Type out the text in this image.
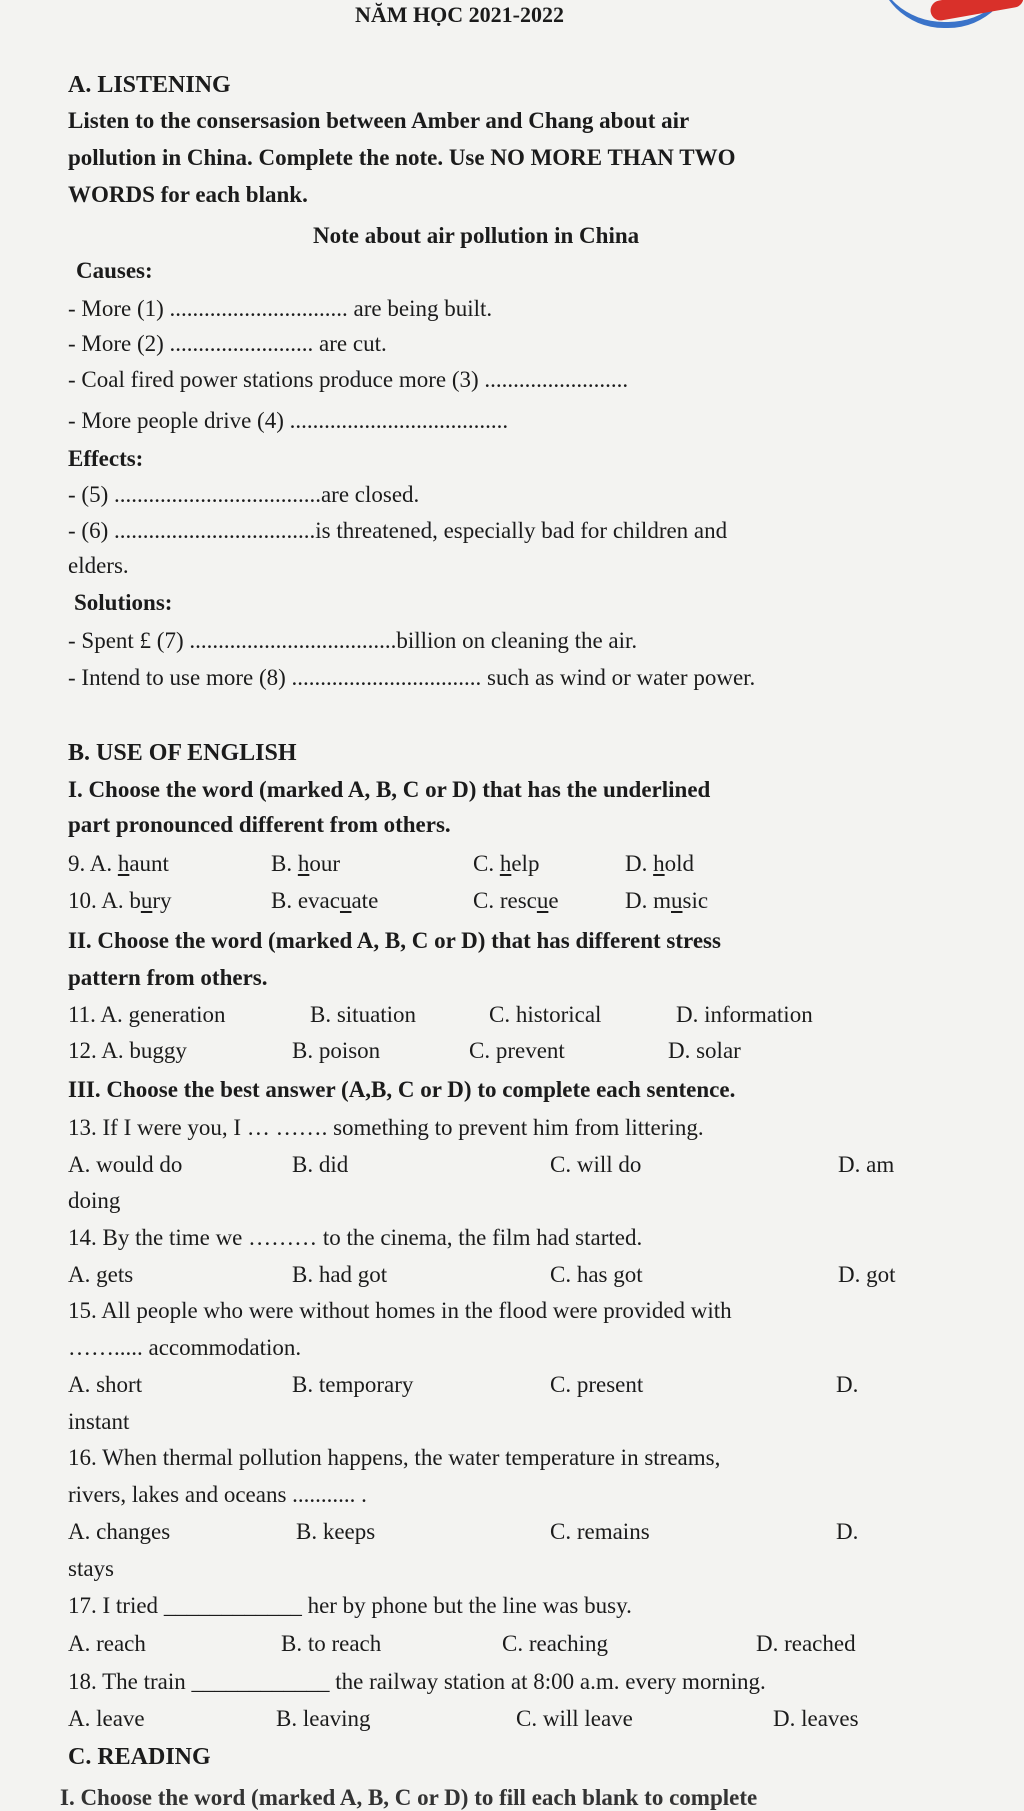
NĂM HỌC 2021-2022
A. LISTENING
Listen to the consersasion between Amber and Chang about air
pollution in China. Complete the note. Use NO MORE THAN TWO
WORDS for each blank.
Note about air pollution in China
Causes:
- More (1) ............................... are being built.
- More (2) ......................... are cut.
- Coal fired power stations produce more (3) .........................
- More people drive (4) ......................................
Effects:
- (5) ....................................are closed.
- (6) ...................................is threatened, especially bad for children and
elders.
Solutions:
- Spent £ (7) ....................................billion on cleaning the air.
- Intend to use more (8) ................................. such as wind or water power.
B. USE OF ENGLISH
I. Choose the word (marked A, B, C or D) that has the underlined
part pronounced different from others.
9. A. haunt	B. hour	C. help	D. hold
10. A. bury	B. evacuate	C. rescue	D. music
II. Choose the word (marked A, B, C or D) that has different stress
pattern from others.
11. A. generation	B. situation	C. historical	D. information
12. A. buggy	B. poison	C. prevent	D. solar
III. Choose the best answer (A,B, C or D) to complete each sentence.
13. If I were you, I … ……. something to prevent him from littering.
A. would do	B. did	C. will do	D. am
doing
14. By the time we ……… to the cinema, the film had started.
A. gets	B. had got	C. has got	D. got
15. All people who were without homes in the flood were provided with
……..... accommodation.
A. short	B. temporary	C. present	D.
instant
16. When thermal pollution happens, the water temperature in streams,
rivers, lakes and oceans ........... .
A. changes	B. keeps	C. remains	D.
stays
17. I tried ____________ her by phone but the line was busy.
A. reach	B. to reach	C. reaching	D. reached
18. The train ____________ the railway station at 8:00 a.m. every morning.
A. leave	B. leaving	C. will leave	D. leaves
C. READING
I. Choose the word (marked A, B, C or D) to fill each blank to complete
